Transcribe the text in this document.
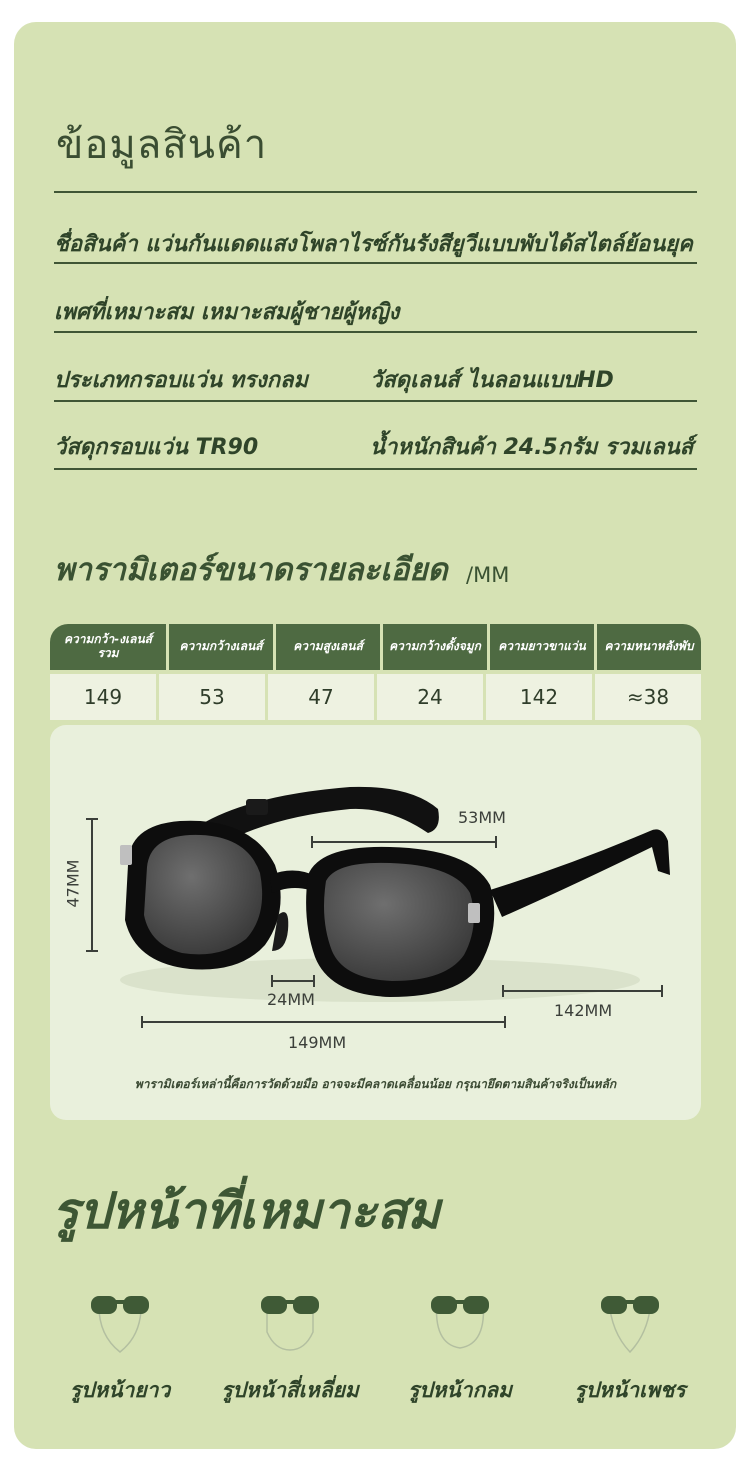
ข้อมูลสินค้า
ชื่อสินค้า แว่นกันแดดแสงโพลาไรซ์กันรังสียูวีแบบพับได้สไตล์ย้อนยุค
เพศที่เหมาะสม เหมาะสมผู้ชายผู้หญิง
ประเภทกรอบแว่น ทรงกลม	วัสดุเลนส์ ไนลอนแบบHD
วัสดุกรอบแว่น TR90	น้ำหนักสินค้า 24.5กรัม รวมเลนส์
พารามิเตอร์ขนาดรายละเอียด /MM
ความกว้า-งเลนส์รวม	ความกว้างเลนส์	ความสูงเลนส์	ความกว้างดั้งจมูก	ความยาวขาแว่น	ความหนาหลังพับ
149	53	47	24	142	≈38
53MM
47MM
24MM
149MM
142MM
พารามิเตอร์เหล่านี้คือการวัดด้วยมือ อาจจะมีคลาดเคลื่อนน้อย กรุณายึดตามสินค้าจริงเป็นหลัก
รูปหน้าที่เหมาะสม
รูปหน้ายาว	รูปหน้าสี่เหลี่ยม	รูปหน้ากลม	รูปหน้าเพชร
